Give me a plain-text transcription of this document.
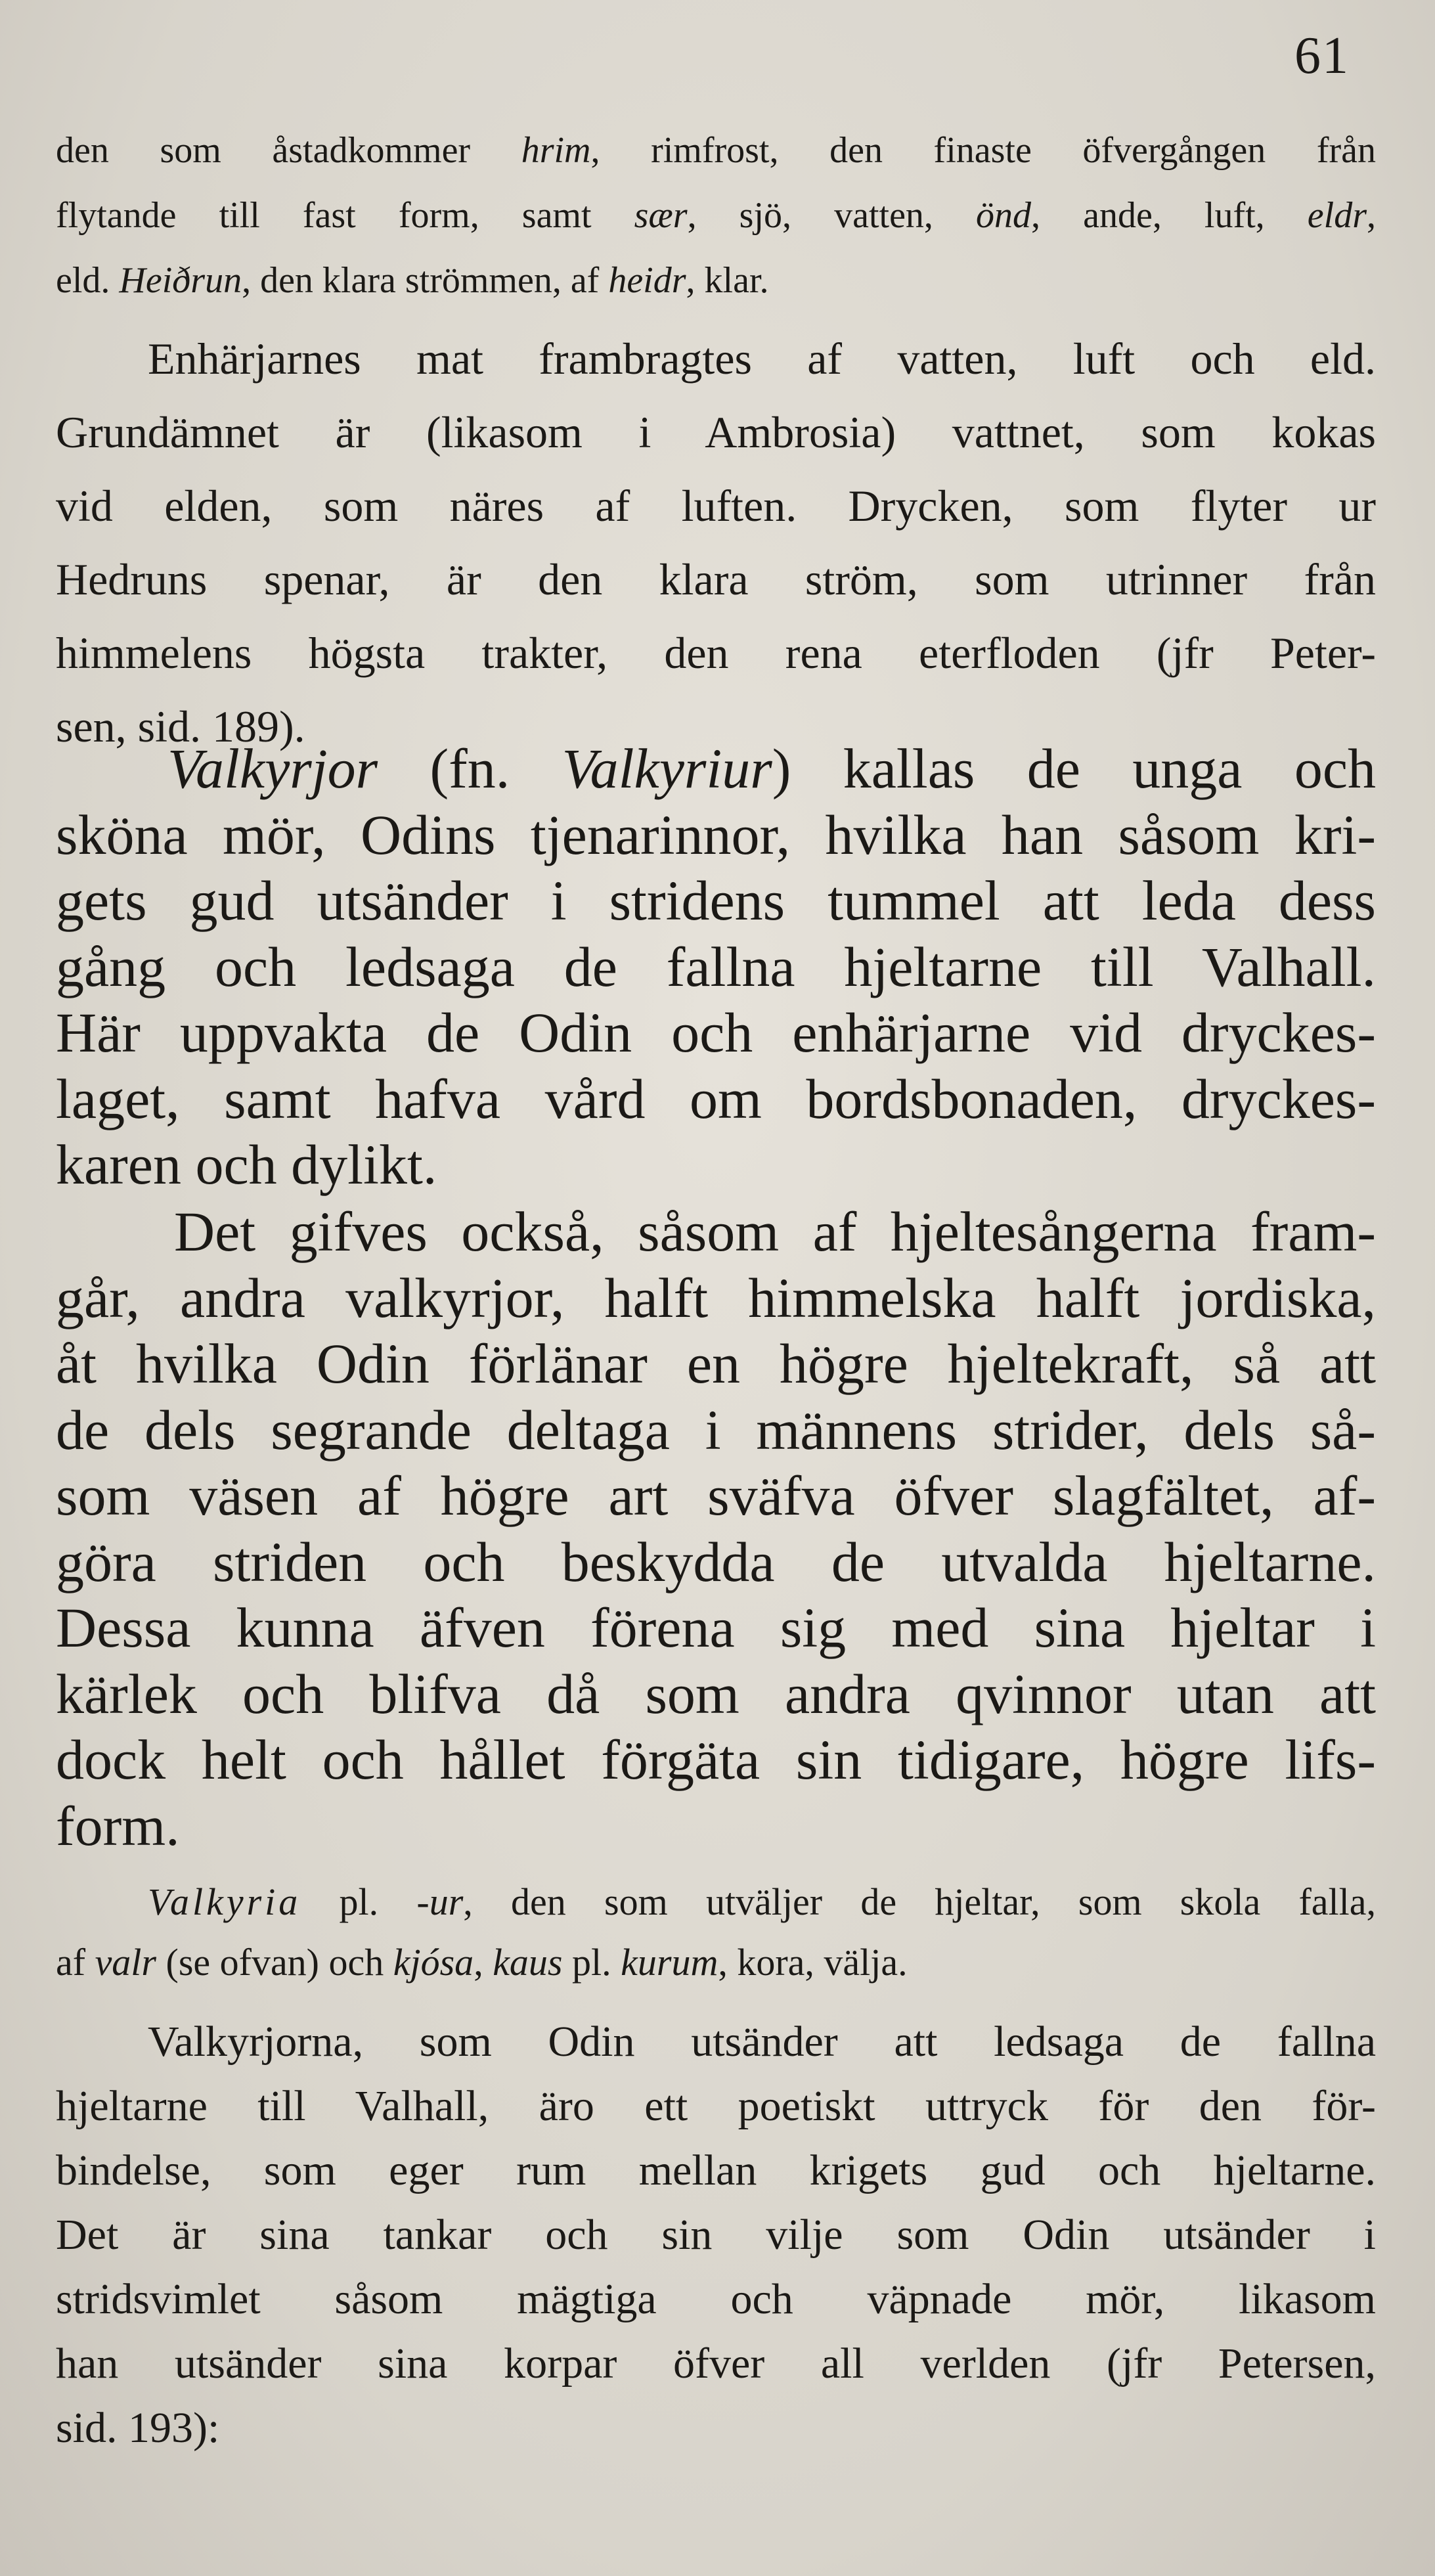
61
den som åstadkommer hrim, rimfrost, den finaste öfvergången från
flytande till fast form, samt sær, sjö, vatten, önd, ande, luft, eldr,
eld. Heiðrun, den klara strömmen, af heidr, klar.
Enhärjarnes mat frambragtes af vatten, luft och eld.
Grundämnet är (likasom i Ambrosia) vattnet, som kokas
vid elden, som näres af luften. Drycken, som flyter ur
Hedruns spenar, är den klara ström, som utrinner från
himmelens högsta trakter, den rena eterfloden (jfr Peter-
sen, sid. 189).
Valkyrjor (fn. Valkyriur) kallas de unga och
sköna mör, Odins tjenarinnor, hvilka han såsom kri-
gets gud utsänder i stridens tummel att leda dess
gång och ledsaga de fallna hjeltarne till Valhall.
Här uppvakta de Odin och enhärjarne vid dryckes-
laget, samt hafva vård om bordsbonaden, dryckes-
karen och dylikt.
Det gifves också, såsom af hjeltesångerna fram-
går, andra valkyrjor, halft himmelska halft jordiska,
åt hvilka Odin förlänar en högre hjeltekraft, så att
de dels segrande deltaga i männens strider, dels så-
som väsen af högre art sväfva öfver slagfältet, af-
göra striden och beskydda de utvalda hjeltarne.
Dessa kunna äfven förena sig med sina hjeltar i
kärlek och blifva då som andra qvinnor utan att
dock helt och hållet förgäta sin tidigare, högre lifs-
form.
Valkyria pl. -ur, den som utväljer de hjeltar, som skola falla,
af valr (se ofvan) och kjósa, kaus pl. kurum, kora, välja.
Valkyrjorna, som Odin utsänder att ledsaga de fallna
hjeltarne till Valhall, äro ett poetiskt uttryck för den för-
bindelse, som eger rum mellan krigets gud och hjeltarne.
Det är sina tankar och sin vilje som Odin utsänder i
stridsvimlet såsom mägtiga och väpnade mör, likasom
han utsänder sina korpar öfver all verlden (jfr Petersen,
sid. 193):
